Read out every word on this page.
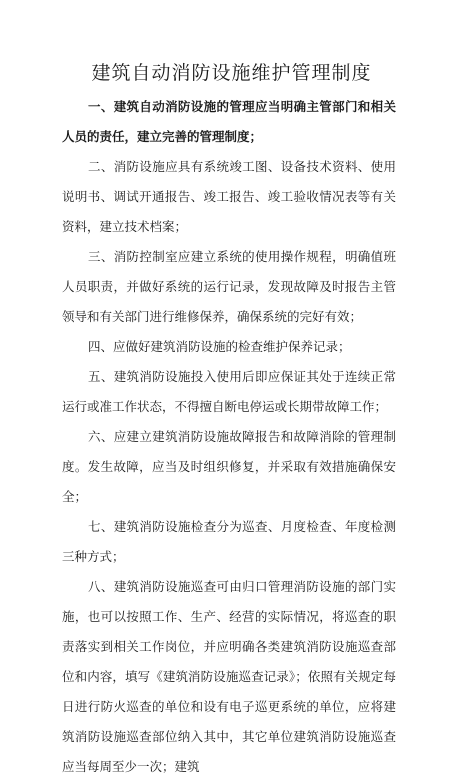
建筑自动消防设施维护管理制度

一、建筑自动消防设施的管理应当明确主管部门和相关人员的责任，建立完善的管理制度；

二、消防设施应具有系统竣工图、设备技术资料、使用说明书、调试开通报告、竣工报告、竣工验收情况表等有关资料，建立技术档案；

三、消防控制室应建立系统的使用操作规程，明确值班人员职责，并做好系统的运行记录，发现故障及时报告主管领导和有关部门进行维修保养，确保系统的完好有效；

四、应做好建筑消防设施的检查维护保养记录；

五、建筑消防设施投入使用后即应保证其处于连续正常运行或准工作状态，不得擅自断电停运或长期带故障工作；

六、应建立建筑消防设施故障报告和故障消除的管理制度。发生故障，应当及时组织修复，并采取有效措施确保安全；

七、建筑消防设施检查分为巡查、月度检查、年度检测三种方式；

八、建筑消防设施巡查可由归口管理消防设施的部门实施，也可以按照工作、生产、经营的实际情况，将巡查的职责落实到相关工作岗位，并应明确各类建筑消防设施巡查部位和内容，填写《建筑消防设施巡查记录》；依照有关规定每日进行防火巡查的单位和设有电子巡更系统的单位，应将建筑消防设施巡查部位纳入其中，其它单位建筑消防设施巡查应当每周至少一次；建筑
